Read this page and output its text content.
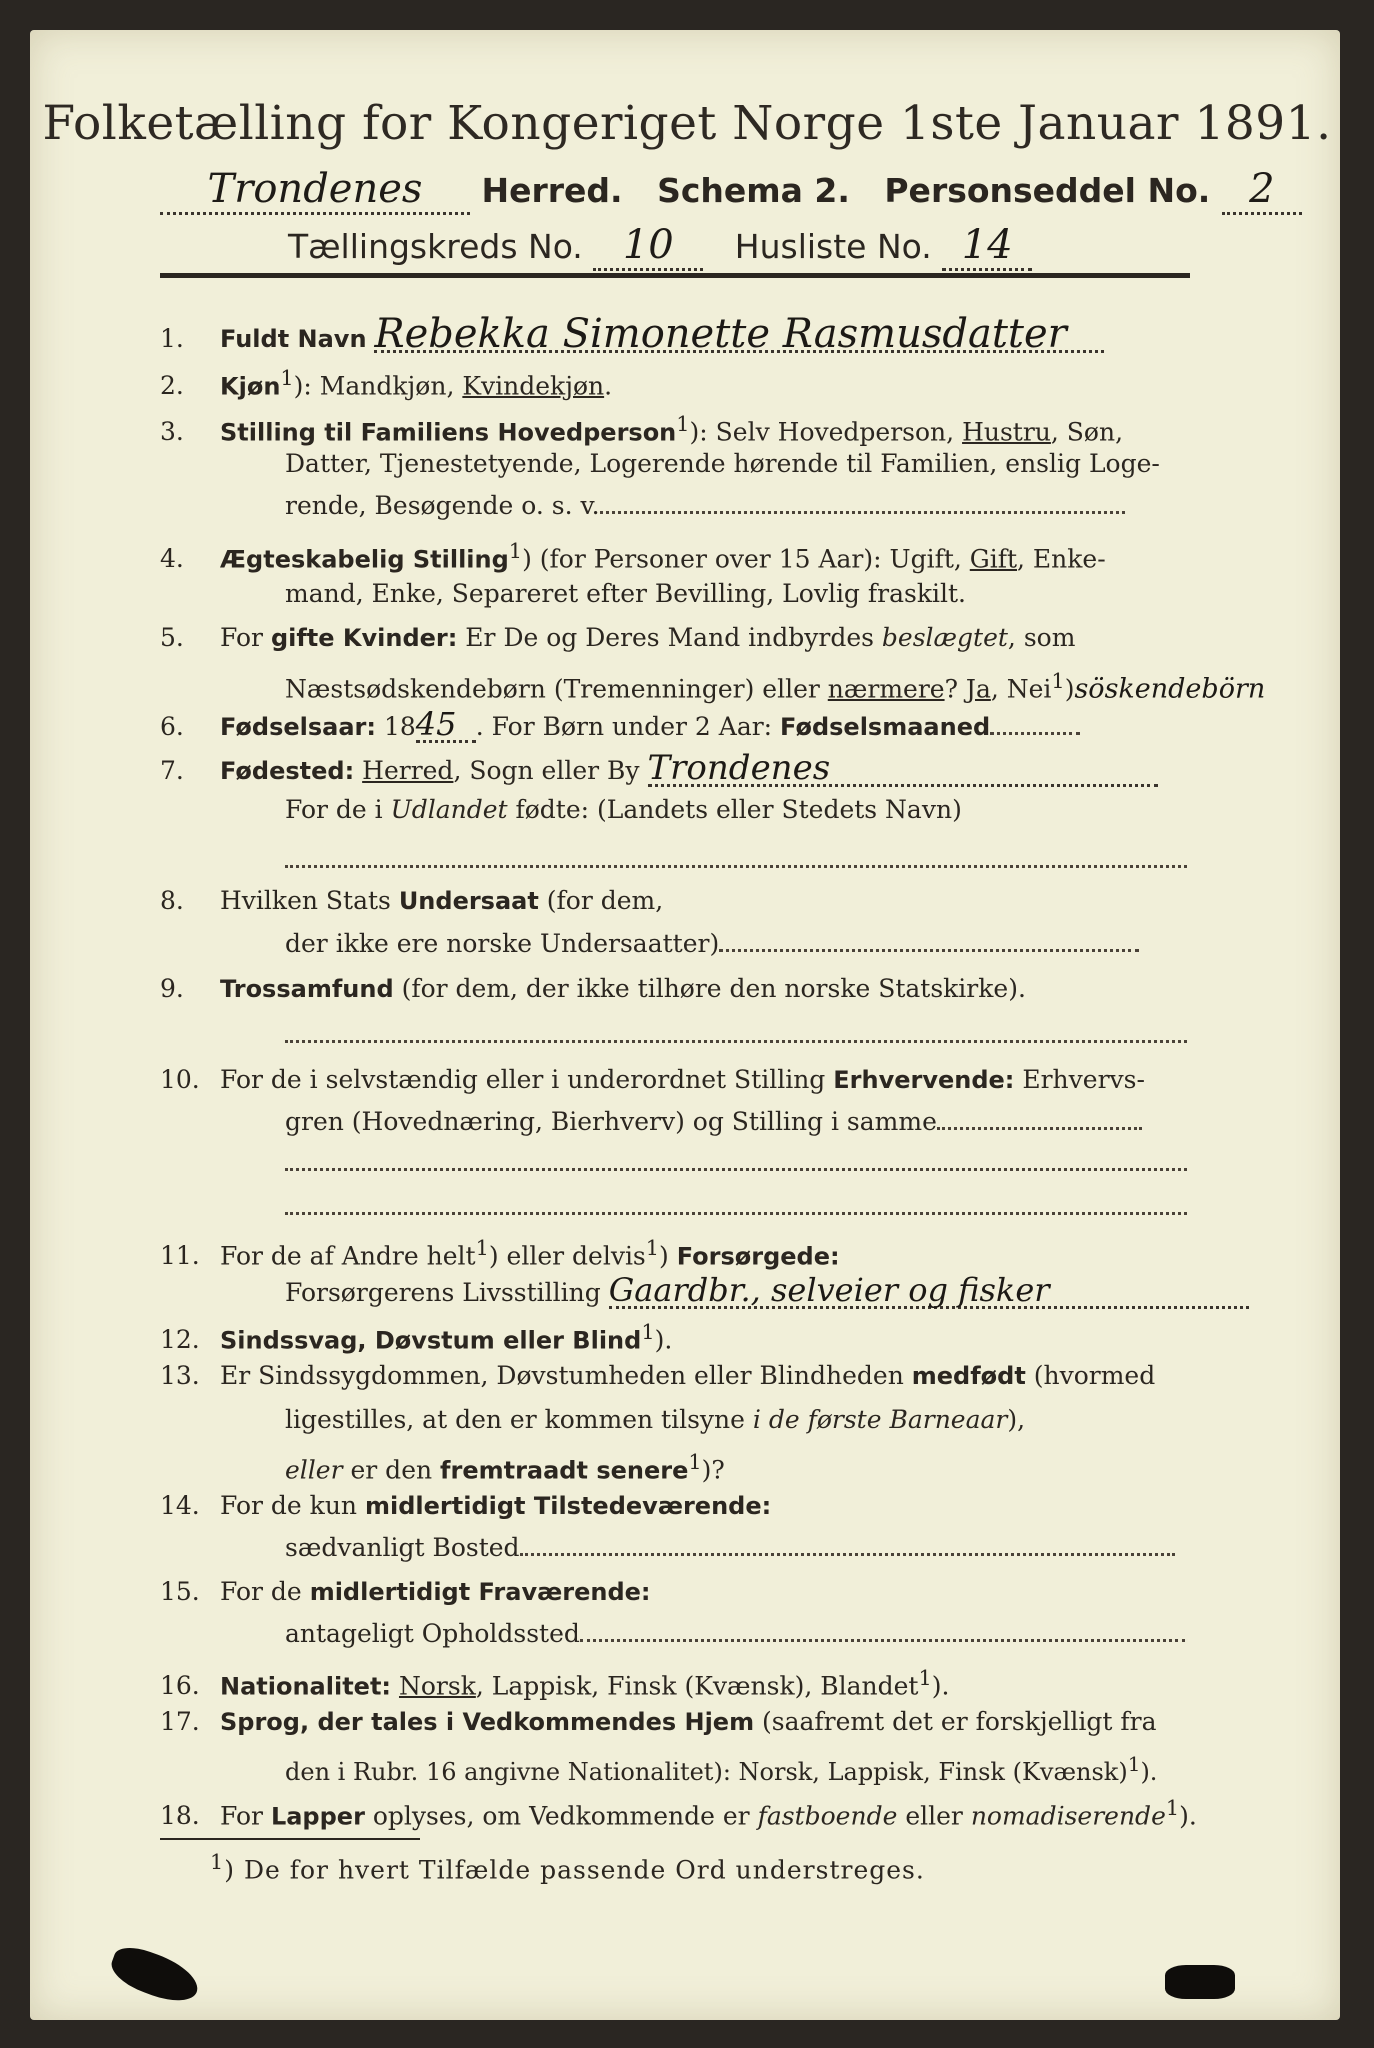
Folketælling for Kongeriget Norge 1ste Januar 1891.
Trondenes Herred. Schema 2. Personseddel No. 2
Tællingskreds No. 10 Husliste No. 14
1. Fuldt Navn Rebekka Simonette Rasmusdatter
2. Kjøn$^1$): Mandkjøn, Kvindekjøn.
3. Stilling til Familiens Hovedperson$^1$): Selv Hovedperson, Hustru, Søn,
Datter, Tjenestetyende, Logerende hørende til Familien, enslig Loge-
rende, Besøgende o. s. v.
4. Ægteskabelig Stilling$^1$) (for Personer over 15 Aar): Ugift, Gift, Enke-
mand, Enke, Separeret efter Bevilling, Lovlig fraskilt.
5. For gifte Kvinder: Er De og Deres Mand indbyrdes beslægtet, som
Næstsødskendebørn (Tremenninger) eller nærmere? Ja, Nei$^1$)sӧskendebörn
6. Fødselsaar: 1845 . For Børn under 2 Aar: Fødselsmaaned
7. Fødested: Herred, Sogn eller By Trondenes
For de i Udlandet fødte: (Landets eller Stedets Navn)
8. Hvilken Stats Undersaat (for dem,
der ikke ere norske Undersaatter)
9. Trossamfund (for dem, der ikke tilhøre den norske Statskirke).
10. For de i selvstændig eller i underordnet Stilling Erhvervende: Erhvervs-
gren (Hovednæring, Bierhverv) og Stilling i samme
11. For de af Andre helt$^1$) eller delvis$^1$) Forsørgede:
Forsørgerens Livsstilling Gaardbr., selveier og fisker
12. Sindssvag, Døvstum eller Blind$^1$).
13. Er Sindssygdommen, Døvstumheden eller Blindheden medfødt (hvormed
ligestilles, at den er kommen tilsyne i de første Barneaar),
eller er den fremtraadt senere$^1$)?
14. For de kun midlertidigt Tilstedeværende:
sædvanligt Bosted
15. For de midlertidigt Fraværende:
antageligt Opholdssted
16. Nationalitet: Norsk, Lappisk, Finsk (Kvænsk), Blandet$^1$).
17. Sprog, der tales i Vedkommendes Hjem (saafremt det er forskjelligt fra
den i Rubr. 16 angivne Nationalitet): Norsk, Lappisk, Finsk (Kvænsk)$^1$).
18. For Lapper oplyses, om Vedkommende er fastboende eller nomadiserende$^1$).
$^1$) De for hvert Tilfælde passende Ord understreges.
